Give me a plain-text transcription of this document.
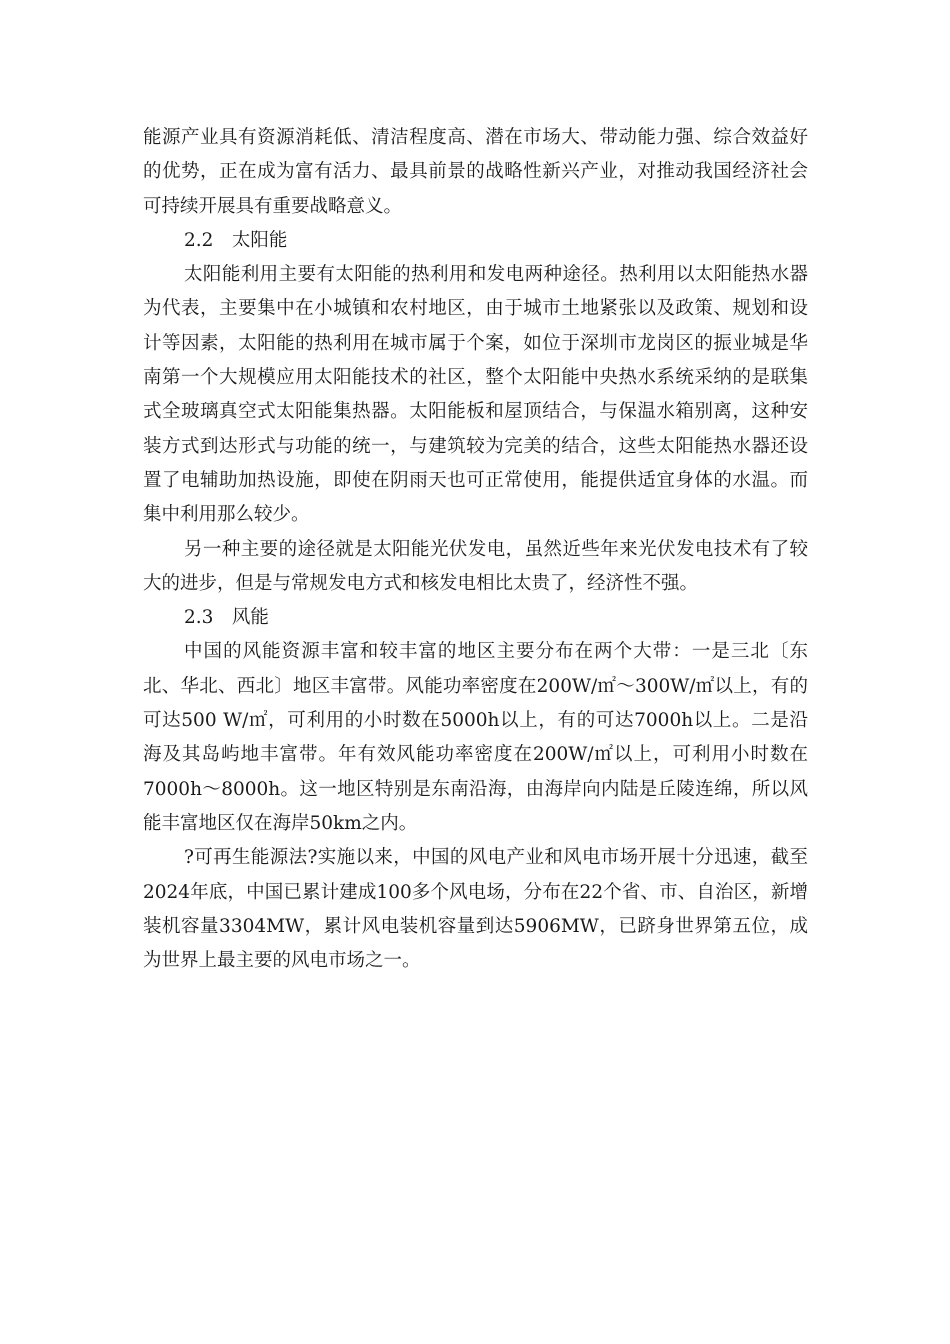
能源产业具有资源消耗低、清洁程度高、潜在市场大、带动能力强、综合效益好的优势，正在成为富有活力、最具前景的战略性新兴产业，对推动我国经济社会可持续开展具有重要战略意义。

2.2　太阳能

太阳能利用主要有太阳能的热利用和发电两种途径。热利用以太阳能热水器为代表，主要集中在小城镇和农村地区，由于城市土地紧张以及政策、规划和设计等因素，太阳能的热利用在城市属于个案，如位于深圳市龙岗区的振业城是华南第一个大规模应用太阳能技术的社区，整个太阳能中央热水系统采纳的是联集式全玻璃真空式太阳能集热器。太阳能板和屋顶结合，与保温水箱别离，这种安装方式到达形式与功能的统一，与建筑较为完美的结合，这些太阳能热水器还设置了电辅助加热设施，即使在阴雨天也可正常使用，能提供适宜身体的水温。而集中利用那么较少。

另一种主要的途径就是太阳能光伏发电，虽然近些年来光伏发电技术有了较大的进步，但是与常规发电方式和核发电相比太贵了，经济性不强。

2.3　风能

中国的风能资源丰富和较丰富的地区主要分布在两个大带：一是三北〔东北、华北、西北〕地区丰富带。风能功率密度在200W/㎡～300W/㎡以上，有的可达500 W/㎡，可利用的小时数在5000h以上，有的可达7000h以上。二是沿海及其岛屿地丰富带。年有效风能功率密度在200W/㎡以上，可利用小时数在7000h～8000h。这一地区特别是东南沿海，由海岸向内陆是丘陵连绵，所以风能丰富地区仅在海岸50km之内。

?可再生能源法?实施以来，中国的风电产业和风电市场开展十分迅速，截至2024年底，中国已累计建成100多个风电场，分布在22个省、市、自治区，新增装机容量3304MW，累计风电装机容量到达5906MW，已跻身世界第五位，成为世界上最主要的风电市场之一。
